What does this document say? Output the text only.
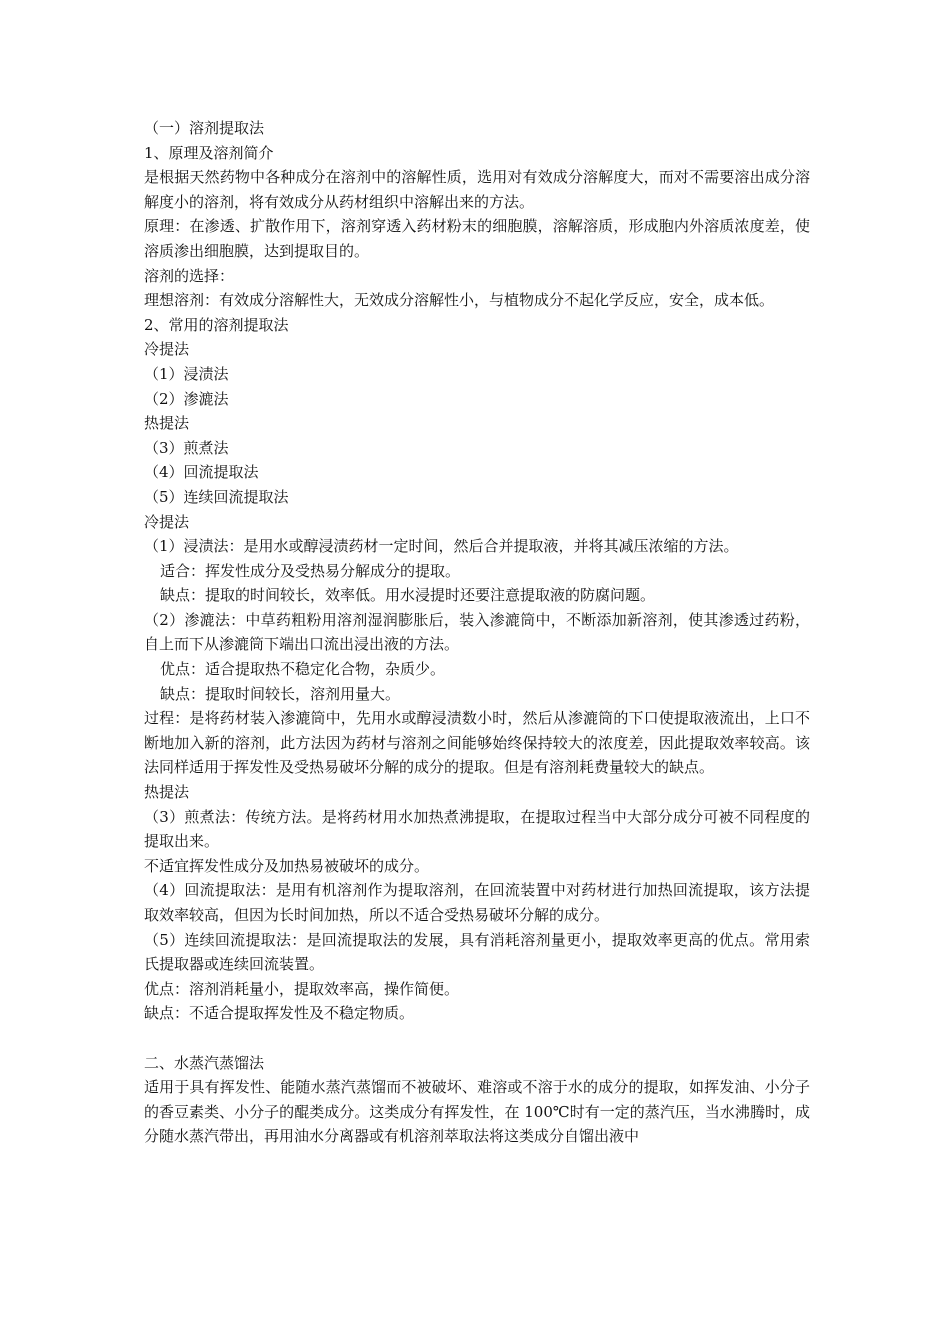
（一）溶剂提取法

1、原理及溶剂简介

是根据天然药物中各种成分在溶剂中的溶解性质，选用对有效成分溶解度大，而对不需要溶出成分溶解度小的溶剂，将有效成分从药材组织中溶解出来的方法。

原理：在渗透、扩散作用下，溶剂穿透入药材粉末的细胞膜，溶解溶质，形成胞内外溶质浓度差，使溶质渗出细胞膜，达到提取目的。

溶剂的选择：

理想溶剂：有效成分溶解性大，无效成分溶解性小，与植物成分不起化学反应，安全，成本低。

2、常用的溶剂提取法

冷提法

（1）浸渍法

（2）渗漉法

热提法

（3）煎煮法

（4）回流提取法

（5）连续回流提取法

冷提法

（1）浸渍法：是用水或醇浸渍药材一定时间，然后合并提取液，并将其减压浓缩的方法。

适合：挥发性成分及受热易分解成分的提取。

缺点：提取的时间较长，效率低。用水浸提时还要注意提取液的防腐问题。

（2）渗漉法：中草药粗粉用溶剂湿润膨胀后，装入渗漉筒中，不断添加新溶剂，使其渗透过药粉，自上而下从渗漉筒下端出口流出浸出液的方法。

优点：适合提取热不稳定化合物，杂质少。

缺点：提取时间较长，溶剂用量大。

过程：是将药材装入渗漉筒中，先用水或醇浸渍数小时，然后从渗漉筒的下口使提取液流出，上口不断地加入新的溶剂，此方法因为药材与溶剂之间能够始终保持较大的浓度差，因此提取效率较高。该法同样适用于挥发性及受热易破坏分解的成分的提取。但是有溶剂耗费量较大的缺点。

热提法

（3）煎煮法：传统方法。是将药材用水加热煮沸提取，在提取过程当中大部分成分可被不同程度的提取出来。

不适宜挥发性成分及加热易被破坏的成分。

（4）回流提取法：是用有机溶剂作为提取溶剂，在回流装置中对药材进行加热回流提取，该方法提取效率较高，但因为长时间加热，所以不适合受热易破坏分解的成分。

（5）连续回流提取法：是回流提取法的发展，具有消耗溶剂量更小，提取效率更高的优点。常用索氏提取器或连续回流装置。

优点：溶剂消耗量小，提取效率高，操作简便。

缺点：不适合提取挥发性及不稳定物质。

二、水蒸汽蒸馏法

适用于具有挥发性、能随水蒸汽蒸馏而不被破坏、难溶或不溶于水的成分的提取，如挥发油、小分子的香豆素类、小分子的醌类成分。这类成分有挥发性，在 100℃时有一定的蒸汽压，当水沸腾时，成分随水蒸汽带出，再用油水分离器或有机溶剂萃取法将这类成分自馏出液中
